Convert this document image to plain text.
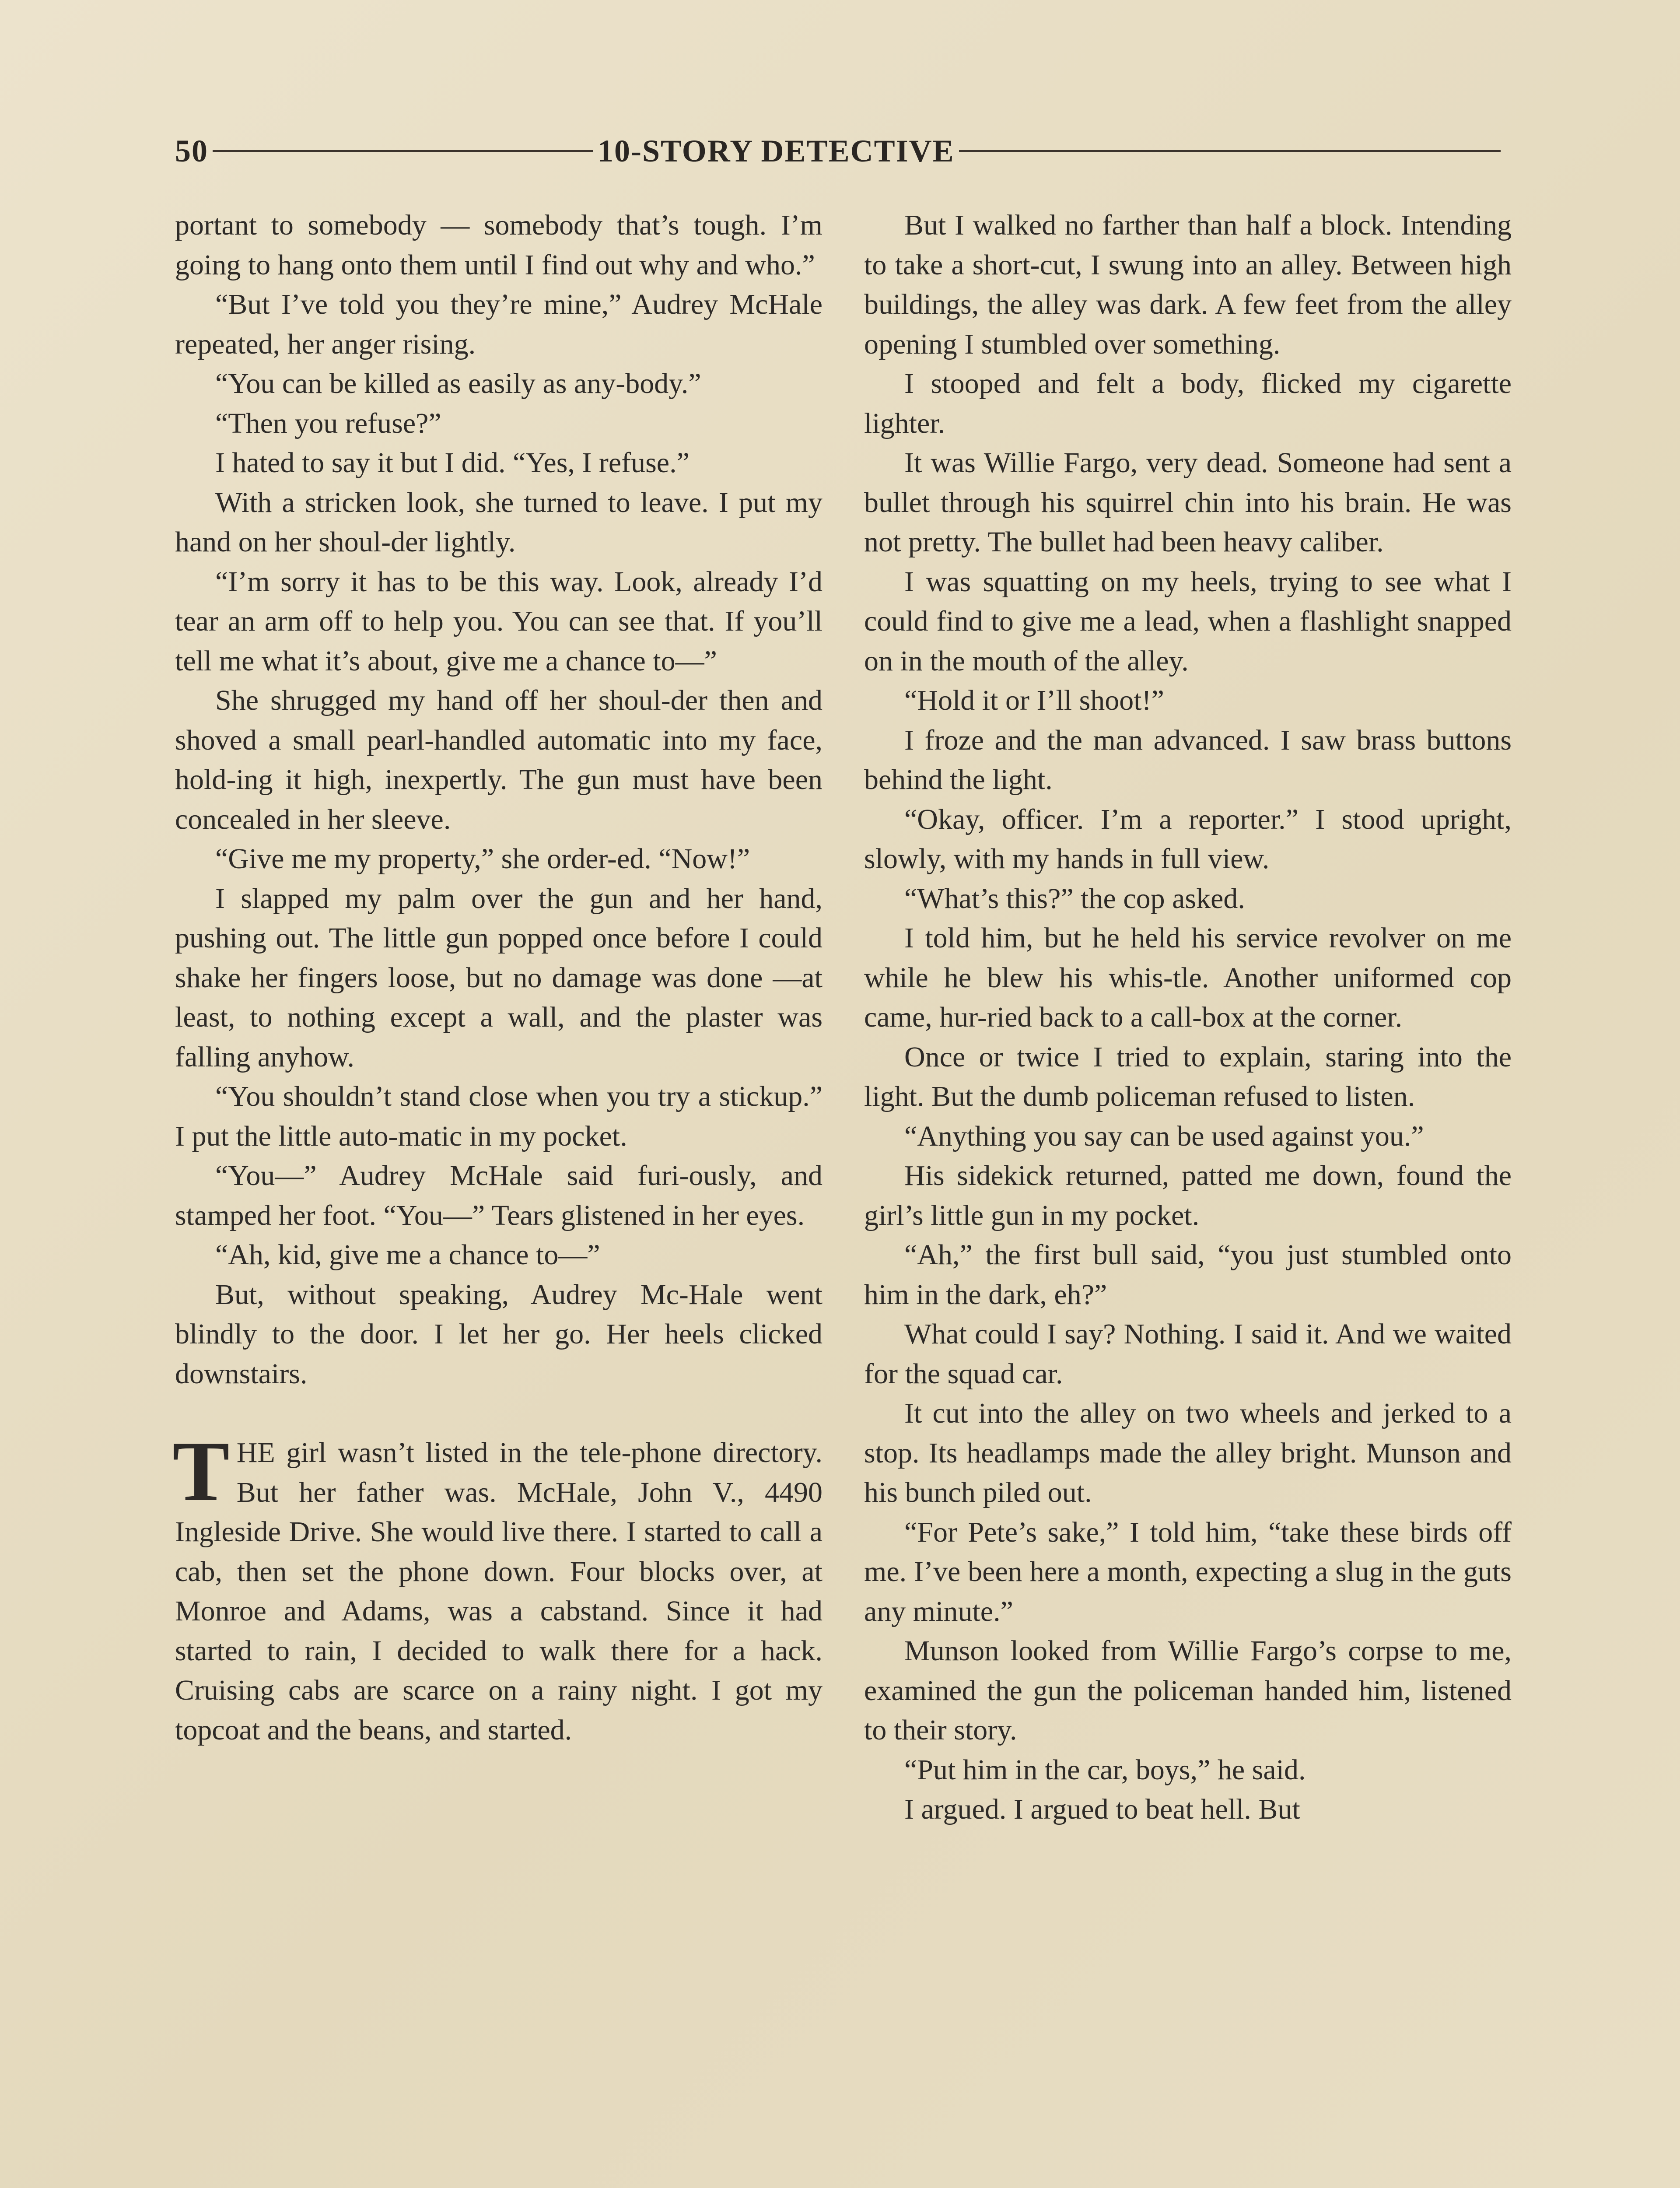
50	10-STORY DETECTIVE

portant to somebody — somebody that’s tough. I’m going to hang onto them until I find out why and who.”

“But I’ve told you they’re mine,” Audrey McHale repeated, her anger rising.

“You can be killed as easily as any-body.”

“Then you refuse?”

I hated to say it but I did. “Yes, I refuse.”

With a stricken look, she turned to leave. I put my hand on her shoul-der lightly.

“I’m sorry it has to be this way. Look, already I’d tear an arm off to help you. You can see that. If you’ll tell me what it’s about, give me a chance to—”

She shrugged my hand off her shoul-der then and shoved a small pearl-handled automatic into my face, hold-ing it high, inexpertly. The gun must have been concealed in her sleeve.

“Give me my property,” she order-ed. “Now!”

I slapped my palm over the gun and her hand, pushing out. The little gun popped once before I could shake her fingers loose, but no damage was done —at least, to nothing except a wall, and the plaster was falling anyhow.

“You shouldn’t stand close when you try a stickup.” I put the little auto-matic in my pocket.

“You—” Audrey McHale said furi-ously, and stamped her foot. “You—” Tears glistened in her eyes.

“Ah, kid, give me a chance to—”

But, without speaking, Audrey Mc-Hale went blindly to the door. I let her go. Her heels clicked downstairs.

THE girl wasn’t listed in the tele-phone directory. But her father was. McHale, John V., 4490 Ingleside Drive. She would live there. I started to call a cab, then set the phone down. Four blocks over, at Monroe and Adams, was a cabstand. Since it had started to rain, I decided to walk there for a hack. Cruising cabs are scarce on a rainy night. I got my topcoat and the beans, and started.

But I walked no farther than half a block. Intending to take a short-cut, I swung into an alley. Between high buildings, the alley was dark. A few feet from the alley opening I stumbled over something.

I stooped and felt a body, flicked my cigarette lighter.

It was Willie Fargo, very dead. Someone had sent a bullet through his squirrel chin into his brain. He was not pretty. The bullet had been heavy caliber.

I was squatting on my heels, trying to see what I could find to give me a lead, when a flashlight snapped on in the mouth of the alley.

“Hold it or I’ll shoot!”

I froze and the man advanced. I saw brass buttons behind the light.

“Okay, officer. I’m a reporter.” I stood upright, slowly, with my hands in full view.

“What’s this?” the cop asked.

I told him, but he held his service revolver on me while he blew his whis-tle. Another uniformed cop came, hur-ried back to a call-box at the corner.

Once or twice I tried to explain, staring into the light. But the dumb policeman refused to listen.

“Anything you say can be used against you.”

His sidekick returned, patted me down, found the girl’s little gun in my pocket.

“Ah,” the first bull said, “you just stumbled onto him in the dark, eh?”

What could I say? Nothing. I said it. And we waited for the squad car.

It cut into the alley on two wheels and jerked to a stop. Its headlamps made the alley bright. Munson and his bunch piled out.

“For Pete’s sake,” I told him, “take these birds off me. I’ve been here a month, expecting a slug in the guts any minute.”

Munson looked from Willie Fargo’s corpse to me, examined the gun the policeman handed him, listened to their story.

“Put him in the car, boys,” he said.

I argued. I argued to beat hell. But
